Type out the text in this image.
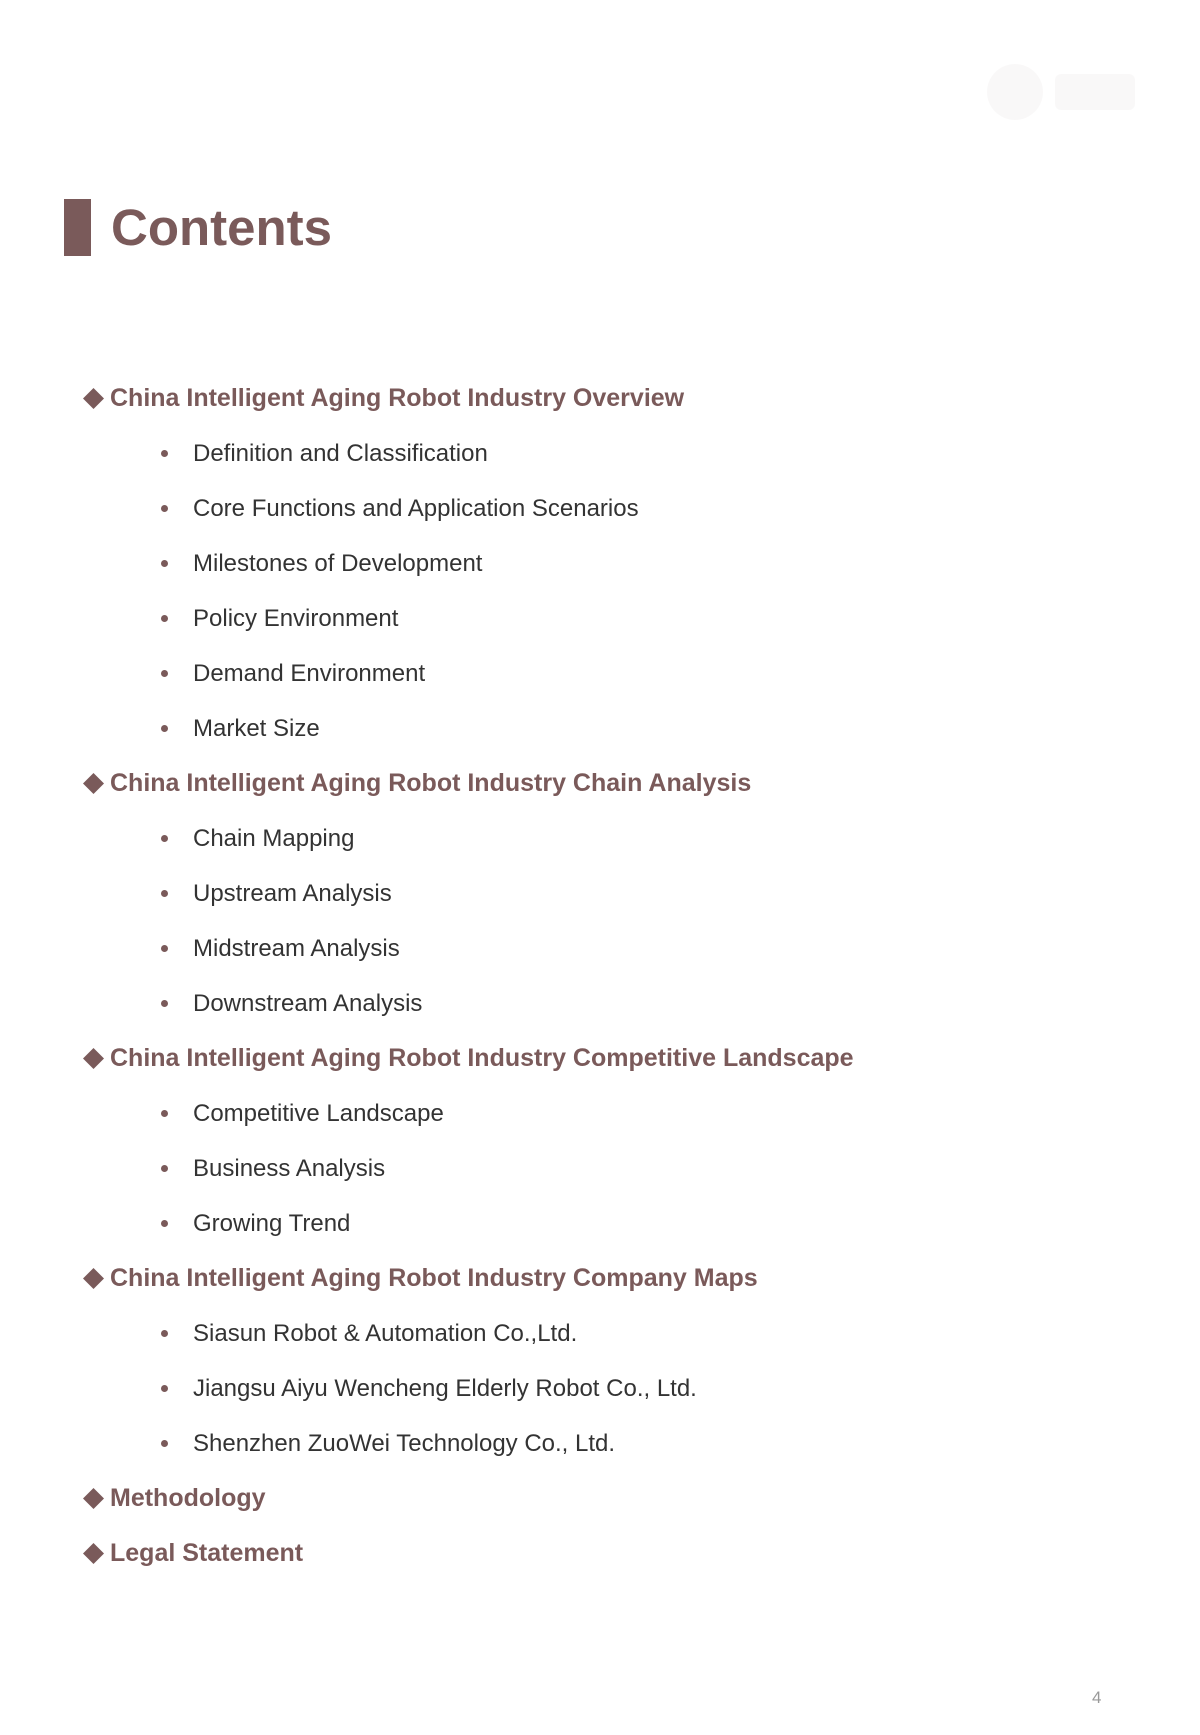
Contents
China Intelligent Aging Robot Industry Overview
Definition and Classification
Core Functions and Application Scenarios
Milestones of Development
Policy Environment
Demand Environment
Market Size
China Intelligent Aging Robot Industry Chain Analysis
Chain Mapping
Upstream Analysis
Midstream Analysis
Downstream Analysis
China Intelligent Aging Robot Industry Competitive Landscape
Competitive Landscape
Business Analysis
Growing Trend
China Intelligent Aging Robot Industry Company Maps
Siasun Robot & Automation Co.,Ltd.
Jiangsu Aiyu Wencheng Elderly Robot Co., Ltd.
Shenzhen ZuoWei Technology Co., Ltd.
Methodology
Legal Statement
4
